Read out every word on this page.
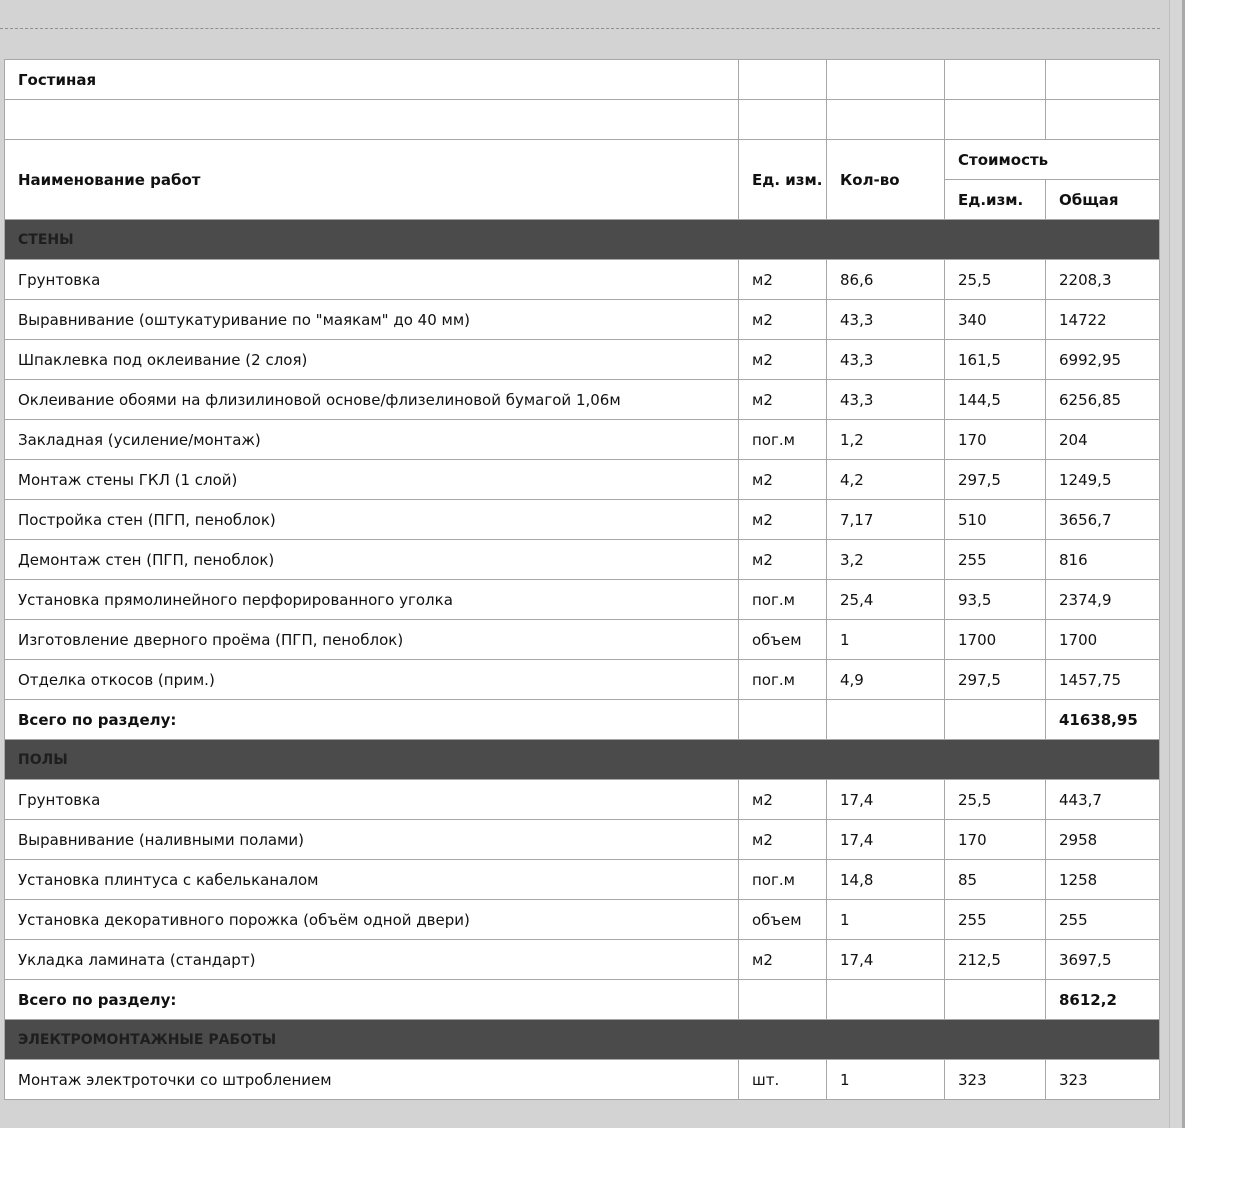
Гостиная				

Наименование работ	Ед. изм.	Кол-во	Стоимость	
			Ед.изм.	Общая
СТЕНЫ				
Грунтовка	м2	86,6	25,5	2208,3
Выравнивание (оштукатуривание по "маякам" до 40 мм)	м2	43,3	340	14722
Шпаклевка под оклеивание (2 слоя)	м2	43,3	161,5	6992,95
Оклеивание обоями на флизилиновой основе/флизелиновой бумагой 1,06м	м2	43,3	144,5	6256,85
Закладная (усиление/монтаж)	пог.м	1,2	170	204
Монтаж стены ГКЛ (1 слой)	м2	4,2	297,5	1249,5
Постройка стен (ПГП, пеноблок)	м2	7,17	510	3656,7
Демонтаж стен (ПГП, пеноблок)	м2	3,2	255	816
Установка прямолинейного перфорированного уголка	пог.м	25,4	93,5	2374,9
Изготовление дверного проёма (ПГП, пеноблок)	объем	1	1700	1700
Отделка откосов (прим.)	пог.м	4,9	297,5	1457,75
Всего по разделу:				41638,95
ПОЛЫ				
Грунтовка	м2	17,4	25,5	443,7
Выравнивание (наливными полами)	м2	17,4	170	2958
Установка плинтуса с кабельканалом	пог.м	14,8	85	1258
Установка декоративного порожка (объём одной двери)	объем	1	255	255
Укладка ламината (стандарт)	м2	17,4	212,5	3697,5
Всего по разделу:				8612,2
ЭЛЕКТРОМОНТАЖНЫЕ РАБОТЫ				
Монтаж электроточки со штроблением	шт.	1	323	323
